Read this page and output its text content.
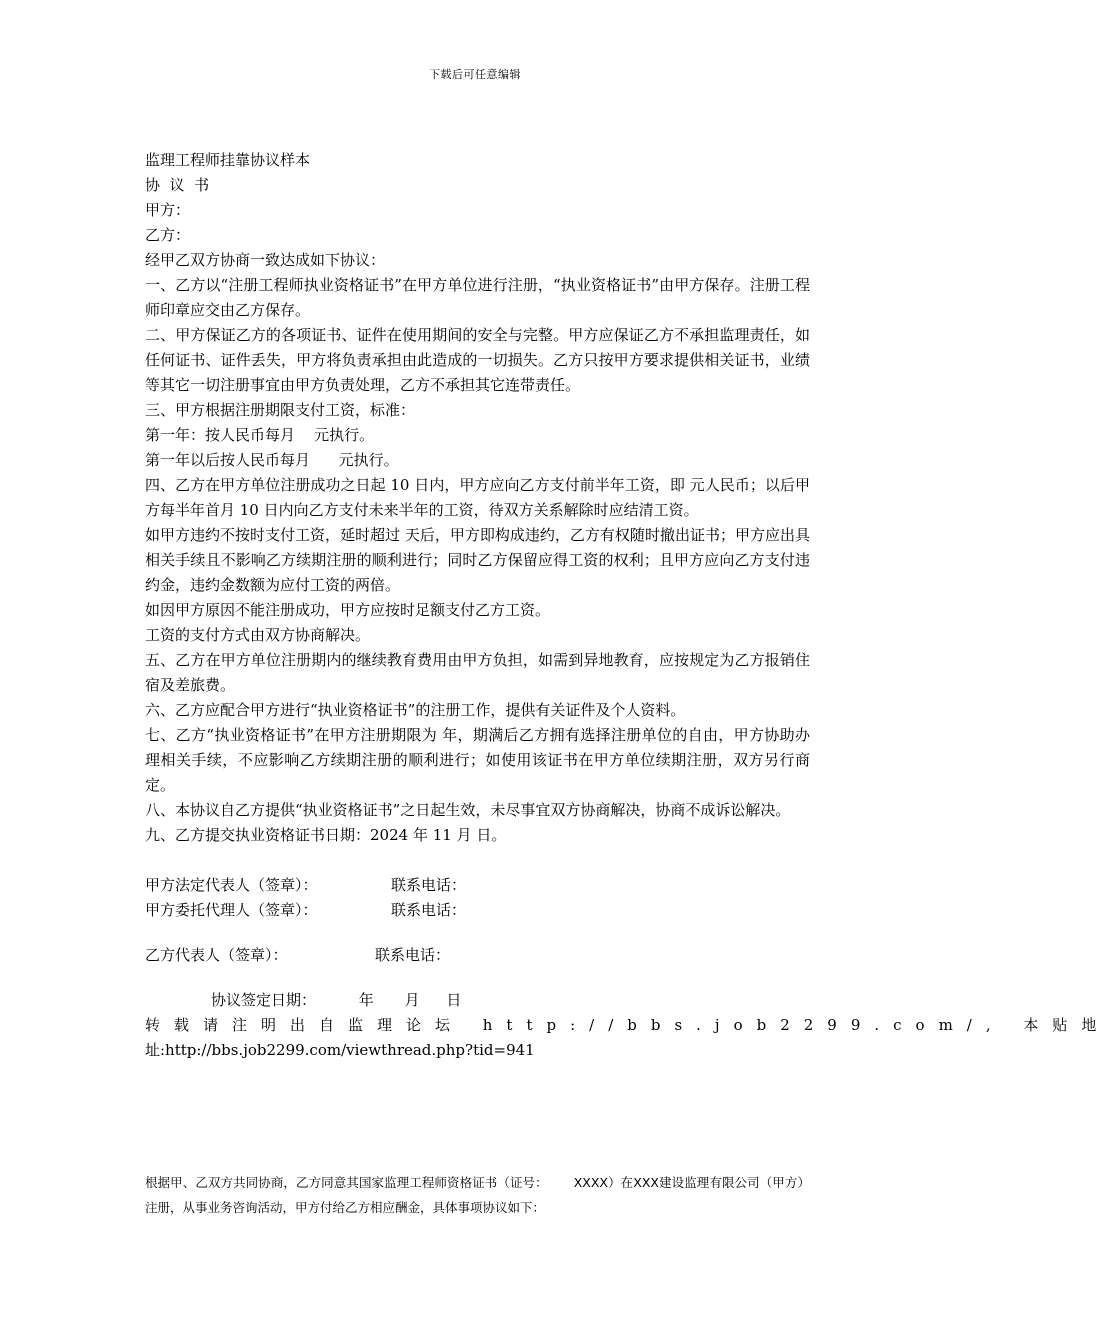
下载后可任意编辑

监理工程师挂靠协议样本

协  议  书

甲方：

乙方：

经甲乙双方协商一致达成如下协议：

一、乙方以“注册工程师执业资格证书”在甲方单位进行注册，“执业资格证书”由甲方保存。注册工程师印章应交由乙方保存。

二、甲方保证乙方的各项证书、证件在使用期间的安全与完整。甲方应保证乙方不承担监理责任，如任何证书、证件丢失，甲方将负责承担由此造成的一切损失。乙方只按甲方要求提供相关证书，业绩等其它一切注册事宜由甲方负责处理，乙方不承担其它连带责任。

三、甲方根据注册期限支付工资，标准：

第一年：按人民币每月    元执行。

第一年以后按人民币每月      元执行。

四、乙方在甲方单位注册成功之日起 10 日内，甲方应向乙方支付前半年工资，即 元人民币；以后甲方每半年首月 10 日内向乙方支付未来半年的工资，待双方关系解除时应结清工资。

如甲方违约不按时支付工资，延时超过 天后，甲方即构成违约，乙方有权随时撤出证书；甲方应出具相关手续且不影响乙方续期注册的顺利进行；同时乙方保留应得工资的权利；且甲方应向乙方支付违约金，违约金数额为应付工资的两倍。

如因甲方原因不能注册成功，甲方应按时足额支付乙方工资。

工资的支付方式由双方协商解决。

五、乙方在甲方单位注册期内的继续教育费用由甲方负担，如需到异地教育，应按规定为乙方报销住宿及差旅费。

六、乙方应配合甲方进行“执业资格证书”的注册工作，提供有关证件及个人资料。

七、乙方“执业资格证书”在甲方注册期限为 年，期满后乙方拥有选择注册单位的自由，甲方协助办理相关手续，不应影响乙方续期注册的顺利进行；如使用该证书在甲方单位续期注册，双方另行商定。

八、本协议自乙方提供“执业资格证书”之日起生效，未尽事宜双方协商解决，协商不成诉讼解决。

九、乙方提交执业资格证书日期：2024 年 11 月 日。

甲方法定代表人（签章）：	联系电话：
甲方委托代理人（签章）：	联系电话：
乙方代表人（签章）：	联系电话：
协议签定日期：	年 月 日

转载请注明出自监理论坛 http://bbs.job2299.com/, 本贴地

址:http://bbs.job2299.com/viewthread.php?tid=941

根据甲、乙双方共同协商，乙方同意其国家监理工程师资格证书（证号： XXXX）在XXX建设监理有限公司（甲方）注册，从事业务咨询活动，甲方付给乙方相应酬金，具体事项协议如下：
